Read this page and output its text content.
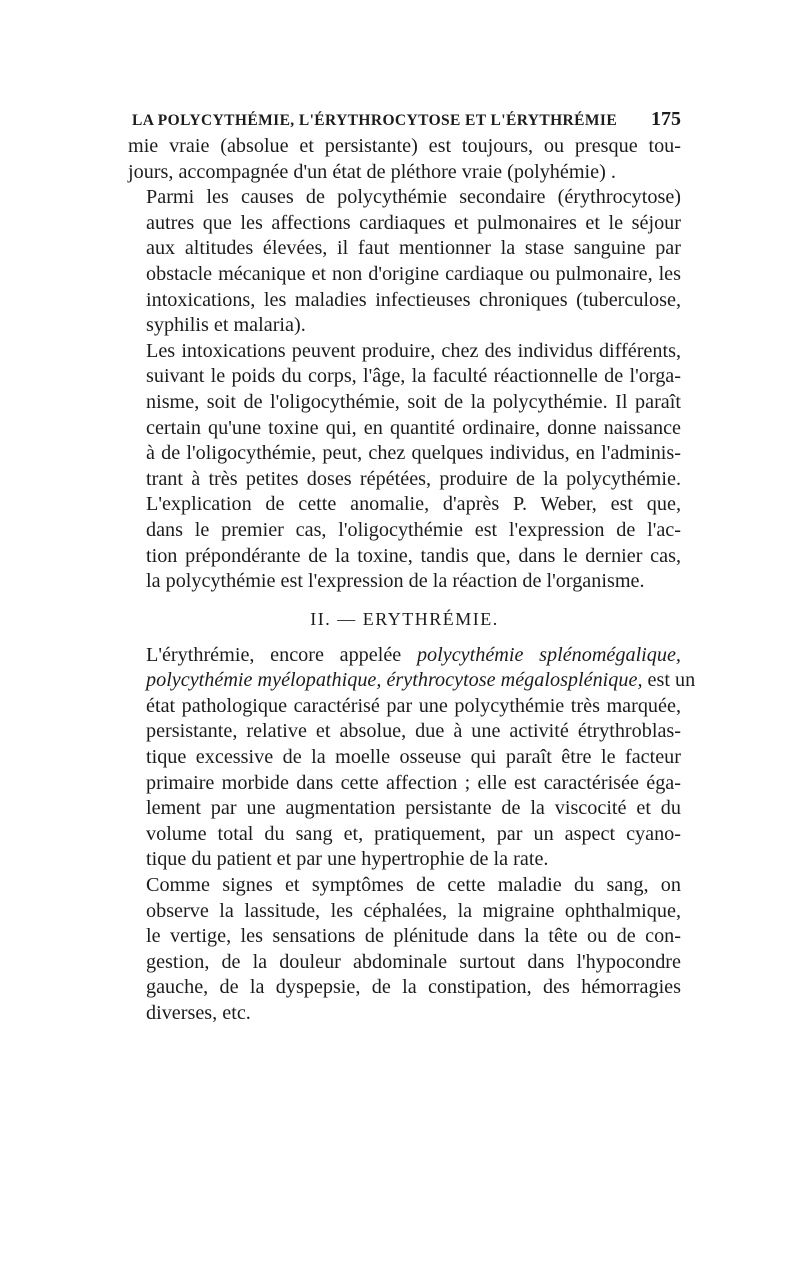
LA POLYCYTHÉMIE, L'ÉRYTHROCYTOSE ET L'ÉRYTHRÉMIE 175
mie vraie (absolue et persistante) est toujours, ou presque tou-
jours, accompagnée d'un état de pléthore vraie (polyhémie) .
Parmi les causes de polycythémie secondaire (érythrocytose)
autres que les affections cardiaques et pulmonaires et le séjour
aux altitudes élevées, il faut mentionner la stase sanguine par
obstacle mécanique et non d'origine cardiaque ou pulmonaire, les
intoxications, les maladies infectieuses chroniques (tuberculose,
syphilis et malaria).
Les intoxications peuvent produire, chez des individus différents,
suivant le poids du corps, l'âge, la faculté réactionnelle de l'orga-
nisme, soit de l'oligocythémie, soit de la polycythémie. Il paraît
certain qu'une toxine qui, en quantité ordinaire, donne naissance
à de l'oligocythémie, peut, chez quelques individus, en l'adminis-
trant à très petites doses répétées, produire de la polycythémie.
L'explication de cette anomalie, d'après P. Weber, est que,
dans le premier cas, l'oligocythémie est l'expression de l'ac-
tion prépondérante de la toxine, tandis que, dans le dernier cas,
la polycythémie est l'expression de la réaction de l'organisme.
II. — ERYTHRÉMIE.
L'érythrémie, encore appelée polycythémie splénomégalique,
polycythémie myélopathique, érythrocytose mégalosplénique, est un
état pathologique caractérisé par une polycythémie très marquée,
persistante, relative et absolue, due à une activité étrythroblas-
tique excessive de la moelle osseuse qui paraît être le facteur
primaire morbide dans cette affection ; elle est caractérisée éga-
lement par une augmentation persistante de la viscocité et du
volume total du sang et, pratiquement, par un aspect cyano-
tique du patient et par une hypertrophie de la rate.
Comme signes et symptômes de cette maladie du sang, on
observe la lassitude, les céphalées, la migraine ophthalmique,
le vertige, les sensations de plénitude dans la tête ou de con-
gestion, de la douleur abdominale surtout dans l'hypocondre
gauche, de la dyspepsie, de la constipation, des hémorragies
diverses, etc.
